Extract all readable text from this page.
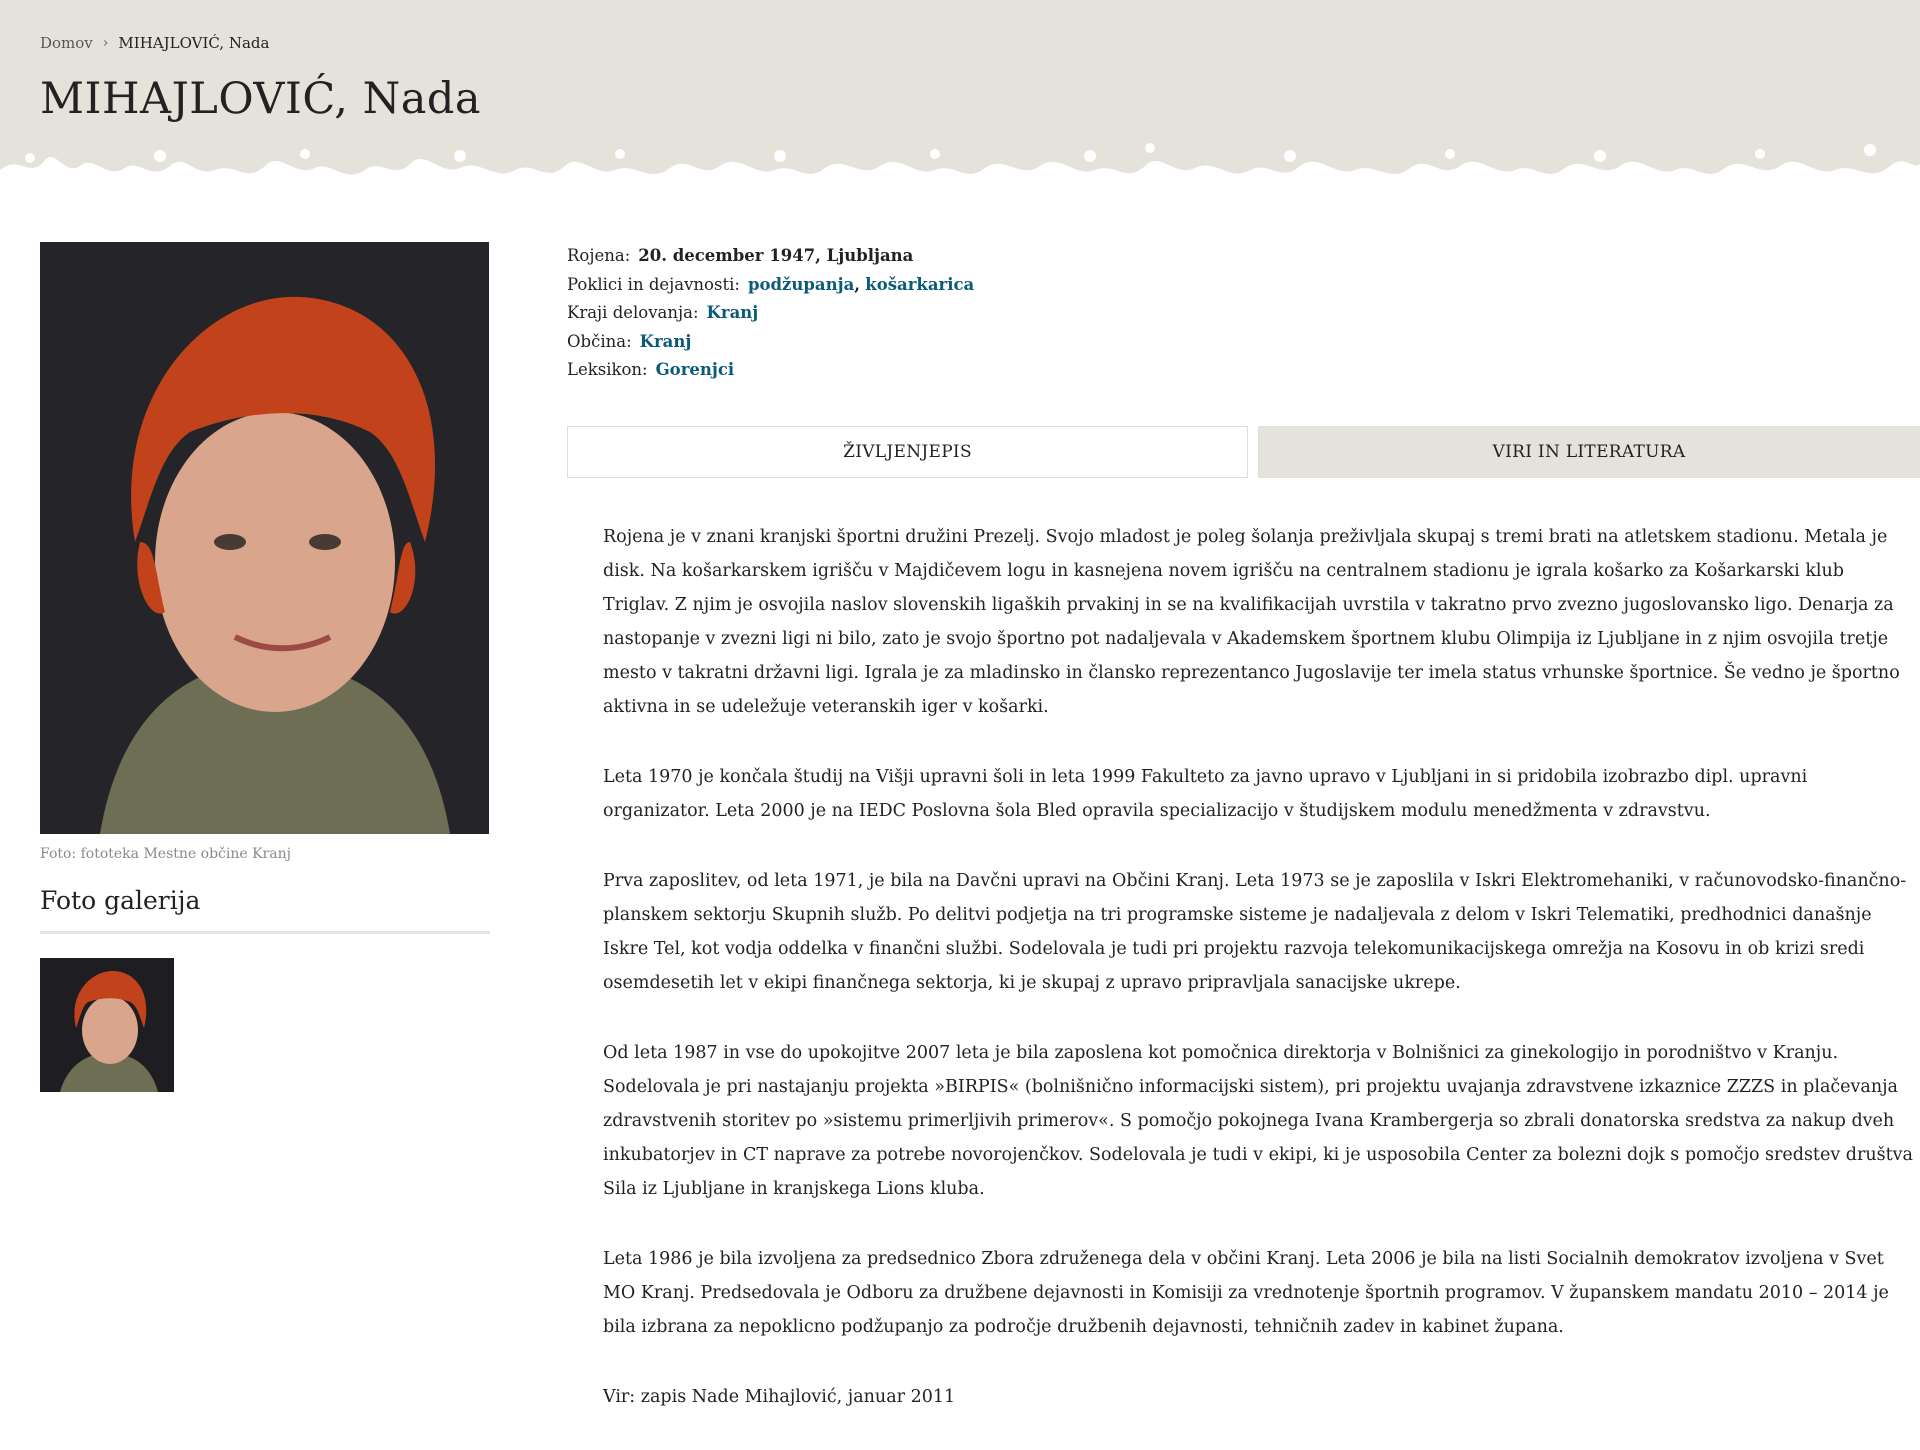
Domov › MIHAJLOVIĆ, Nada
MIHAJLOVIĆ, Nada
Foto: fototeka Mestne občine Kranj
Foto galerija
Rojena: 20. december 1947, Ljubljana
Poklici in dejavnosti: podžupanja, košarkarica
Kraji delovanja: Kranj
Občina: Kranj
Leksikon: Gorenjci
ŽIVLJENJEPIS	VIRI IN LITERATURA

Rojena je v znani kranjski športni družini Prezelj. Svojo mladost je poleg šolanja preživljala skupaj s tremi brati na atletskem stadionu. Metala je disk. Na košarkarskem igrišču v Majdičevem logu in kasnejena novem igrišču na centralnem stadionu je igrala košarko za Košarkarski klub Triglav. Z njim je osvojila naslov slovenskih ligaških prvakinj in se na kvalifikacijah uvrstila v takratno prvo zvezno jugoslovansko ligo. Denarja za nastopanje v zvezni ligi ni bilo, zato je svojo športno pot nadaljevala v Akademskem športnem klubu Olimpija iz Ljubljane in z njim osvojila tretje mesto v takratni državni ligi. Igrala je za mladinsko in člansko reprezentanco Jugoslavije ter imela status vrhunske športnice. Še vedno je športno aktivna in se udeležuje veteranskih iger v košarki.

Leta 1970 je končala študij na Višji upravni šoli in leta 1999 Fakulteto za javno upravo v Ljubljani in si pridobila izobrazbo dipl. upravni organizator. Leta 2000 je na IEDC Poslovna šola Bled opravila specializacijo v študijskem modulu menedžmenta v zdravstvu.

Prva zaposlitev, od leta 1971, je bila na Davčni upravi na Občini Kranj. Leta 1973 se je zaposlila v Iskri Elektromehaniki, v računovodsko-finančno-planskem sektorju Skupnih služb. Po delitvi podjetja na tri programske sisteme je nadaljevala z delom v Iskri Telematiki, predhodnici današnje Iskre Tel, kot vodja oddelka v finančni službi. Sodelovala je tudi pri projektu razvoja telekomunikacijskega omrežja na Kosovu in ob krizi sredi osemdesetih let v ekipi finančnega sektorja, ki je skupaj z upravo pripravljala sanacijske ukrepe.

Od leta 1987 in vse do upokojitve 2007 leta je bila zaposlena kot pomočnica direktorja v Bolnišnici za ginekologijo in porodništvo v Kranju. Sodelovala je pri nastajanju projekta »BIRPIS« (bolnišnično informacijski sistem), pri projektu uvajanja zdravstvene izkaznice ZZZS in plačevanja zdravstvenih storitev po »sistemu primerljivih primerov«. S pomočjo pokojnega Ivana Krambergerja so zbrali donatorska sredstva za nakup dveh inkubatorjev in CT naprave za potrebe novorojenčkov. Sodelovala je tudi v ekipi, ki je usposobila Center za bolezni dojk s pomočjo sredstev društva Sila iz Ljubljane in kranjskega Lions kluba.

Leta 1986 je bila izvoljena za predsednico Zbora združenega dela v občini Kranj. Leta 2006 je bila na listi Socialnih demokratov izvoljena v Svet MO Kranj. Predsedovala je Odboru za družbene dejavnosti in Komisiji za vrednotenje športnih programov. V županskem mandatu 2010 – 2014 je bila izbrana za nepoklicno podžupanjo za področje družbenih dejavnosti, tehničnih zadev in kabinet župana.

Vir: zapis Nade Mihajlović, januar 2011
